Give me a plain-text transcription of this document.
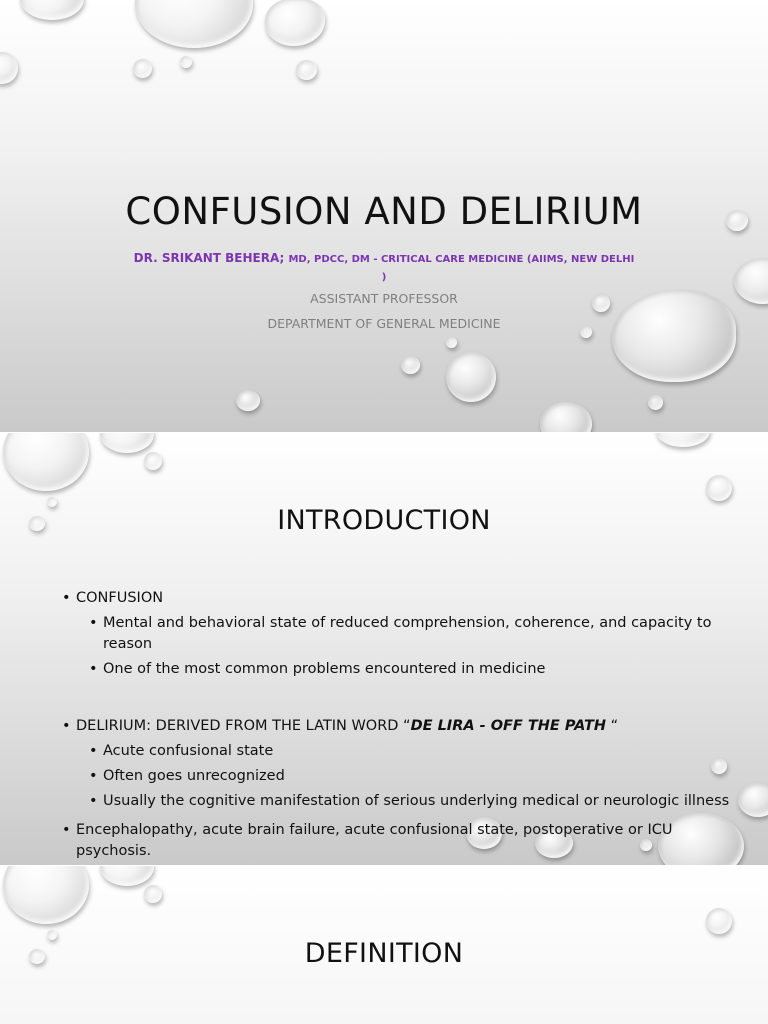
CONFUSION AND DELIRIUM
DR. SRIKANT BEHERA; MD, PDCC, DM - CRITICAL CARE MEDICINE (AIIMS, NEW DELHI )
ASSISTANT PROFESSOR
DEPARTMENT OF GENERAL MEDICINE
INTRODUCTION
• CONFUSION
• Mental and behavioral state of reduced comprehension, coherence, and capacity to reason
• One of the most common problems encountered in medicine
• DELIRIUM: DERIVED FROM THE LATIN WORD “DE LIRA - OFF THE PATH “
• Acute confusional state
• Often goes unrecognized
• Usually the cognitive manifestation of serious underlying medical or neurologic illness
• Encephalopathy, acute brain failure, acute confusional state, postoperative or ICU psychosis.
DEFINITION
